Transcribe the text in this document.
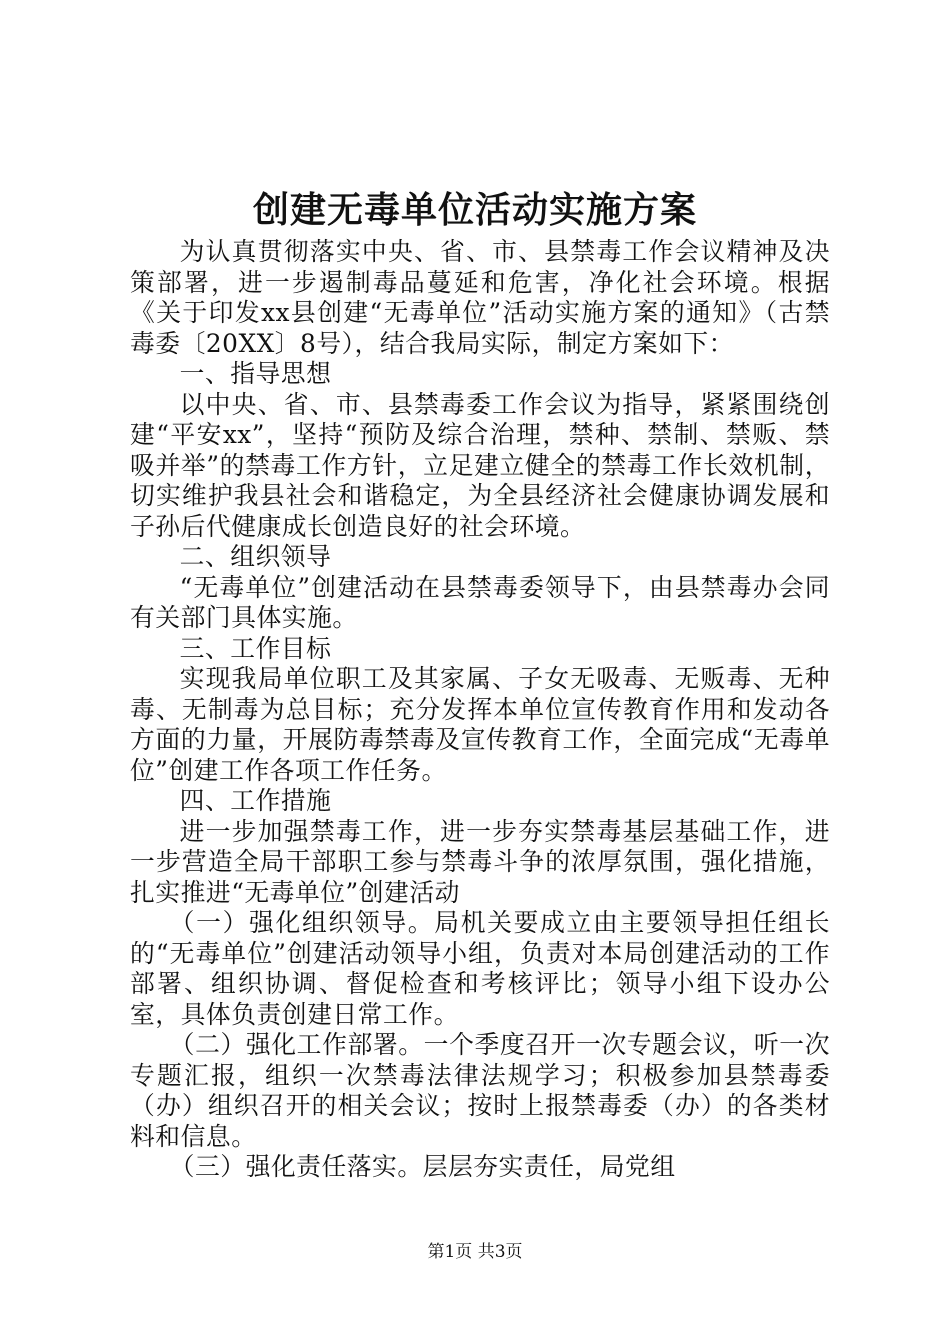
创建无毒单位活动实施方案

为认真贯彻落实中央、省、市、县禁毒工作会议精神及决策部署，进一步遏制毒品蔓延和危害，净化社会环境。根据《关于印发xx县创建“无毒单位”活动实施方案的通知》（古禁毒委〔20XX〕8号），结合我局实际，制定方案如下：

一、指导思想

以中央、省、市、县禁毒委工作会议为指导，紧紧围绕创建“平安xx”，坚持“预防及综合治理，禁种、禁制、禁贩、禁吸并举”的禁毒工作方针，立足建立健全的禁毒工作长效机制，切实维护我县社会和谐稳定，为全县经济社会健康协调发展和子孙后代健康成长创造良好的社会环境。

二、组织领导

“无毒单位”创建活动在县禁毒委领导下，由县禁毒办会同有关部门具体实施。

三、工作目标

实现我局单位职工及其家属、子女无吸毒、无贩毒、无种毒、无制毒为总目标；充分发挥本单位宣传教育作用和发动各方面的力量，开展防毒禁毒及宣传教育工作，全面完成“无毒单位”创建工作各项工作任务。

四、工作措施

进一步加强禁毒工作，进一步夯实禁毒基层基础工作，进一步营造全局干部职工参与禁毒斗争的浓厚氛围，强化措施，扎实推进“无毒单位”创建活动

（一）强化组织领导。局机关要成立由主要领导担任组长的“无毒单位”创建活动领导小组，负责对本局创建活动的工作部署、组织协调、督促检查和考核评比；领导小组下设办公室，具体负责创建日常工作。

（二）强化工作部署。一个季度召开一次专题会议，听一次专题汇报，组织一次禁毒法律法规学习；积极参加县禁毒委（办）组织召开的相关会议；按时上报禁毒委（办）的各类材料和信息。

（三）强化责任落实。层层夯实责任，局党组

第1页 共3页
